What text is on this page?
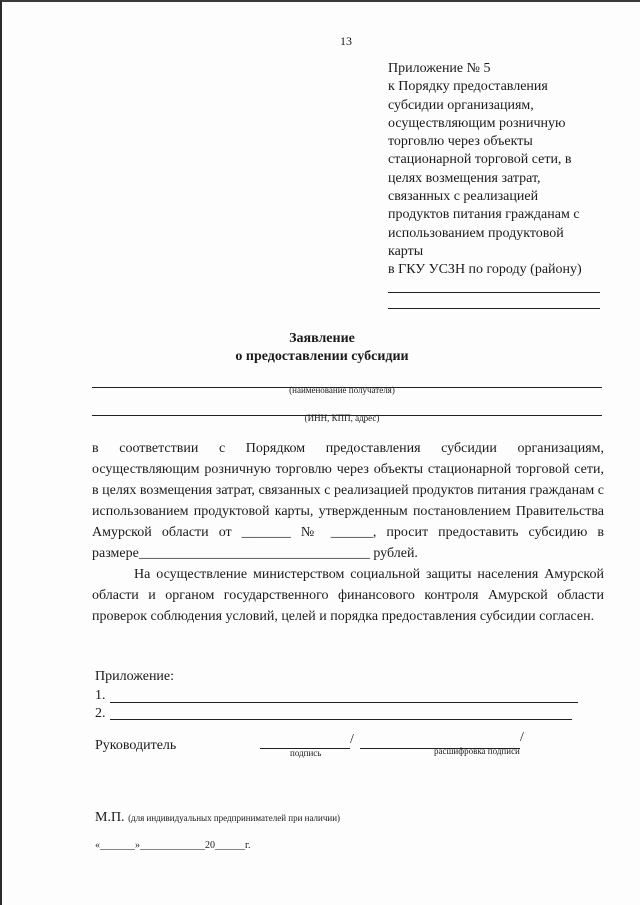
13
Приложение № 5
к Порядку предоставления
субсидии организациям,
осуществляющим розничную
торговлю через объекты
стационарной торговой сети, в
целях возмещения затрат,
связанных с реализацией
продуктов питания гражданам с
использованием продуктовой
карты
в ГКУ УСЗН по городу (району)
Заявление
о предоставлении субсидии
(наименование получателя)
(ИНН, КПП, адрес)

в соответствии с Порядком предоставления субсидии организациям, осуществляющим розничную торговлю через объекты стационарной торговой сети, в целях возмещения затрат, связанных с реализацией продуктов питания гражданам с использованием продуктовой карты, утвержденным постановлением Правительства Амурской области от _______ № ______, просит предоставить субсидию в размере_________________________________ рублей.

На осуществление министерством социальной защиты населения Амурской области и органом государственного финансового контроля Амурской области проверок соблюдения условий, целей и порядка предоставления субсидии согласен.

Приложение:
1.
2.
Руководитель	/	/
подпись	расшифровка подписи
М.П. (для индивидуальных предпринимателей при наличии)
«_______»_____________20______г.
